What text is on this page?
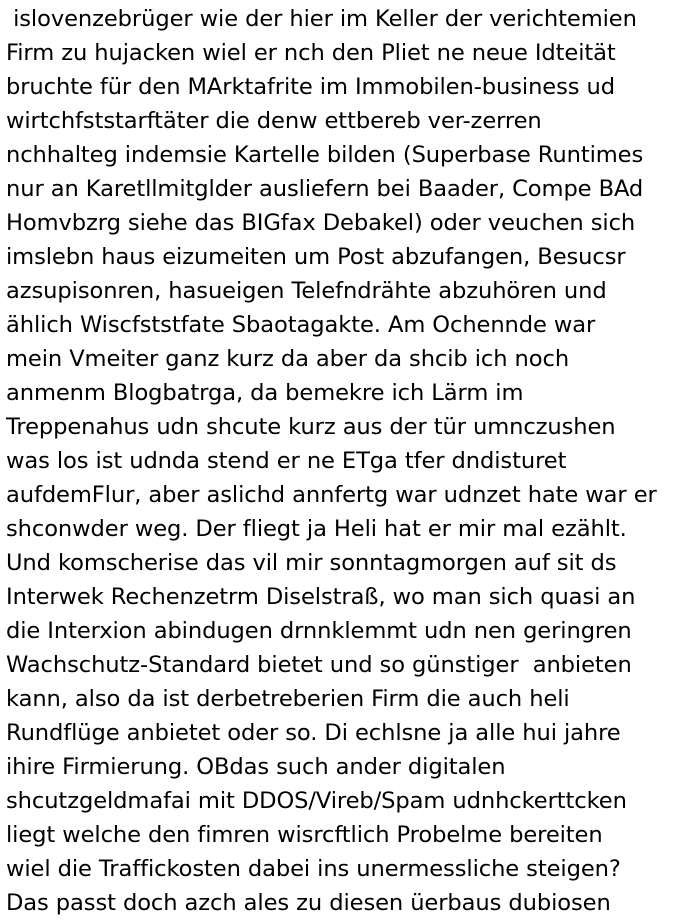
islovenzebrüger wie der hier im Keller der verichtemien
Firm zu hujacken wiel er nch den Pliet ne neue Idteität
bruchte für den MArktafrite im Immobilen-business ud
wirtchfststarftäter die denw ettbereb ver-zerren
nchhalteg indemsie Kartelle bilden (Superbase Runtimes
nur an Karetllmitglder ausliefern bei Baader, Compe BAd
Homvbzrg siehe das BIGfax Debakel) oder veuchen sich
imslebn haus eizumeiten um Post abzufangen, Besucsr
azsupisonren, hasueigen Telefndrähte abzuhören und
ählich Wiscfststfate Sbaotagakte. Am Ochennde war
mein Vmeiter ganz kurz da aber da shcib ich noch
anmenm Blogbatrga, da bemekre ich Lärm im
Treppenahus udn shcute kurz aus der tür umnczushen
was los ist udnda stend er ne ETga tfer dndisturet
aufdemFlur, aber aslichd annfertg war udnzet hate war er
shconwder weg. Der fliegt ja Heli hat er mir mal ezählt.
Und komscherise das vil mir sonntagmorgen auf sit ds
Interwek Rechenzetrm Diselstraß, wo man sich quasi an
die Interxion abindugen drnnklemmt udn nen geringren
Wachschutz-Standard bietet und so günstiger  anbieten
kann, also da ist derbetreberien Firm die auch heli
Rundflüge anbietet oder so. Di echlsne ja alle hui jahre
ihire Firmierung. OBdas such ander digitalen
shcutzgeldmafai mit DDOS/Vireb/Spam udnhckerttcken
liegt welche den fimren wisrcftlich Probelme bereiten
wiel die Traffickosten dabei ins unermessliche steigen?
Das passt doch azch ales zu diesen üerbaus dubiosen
